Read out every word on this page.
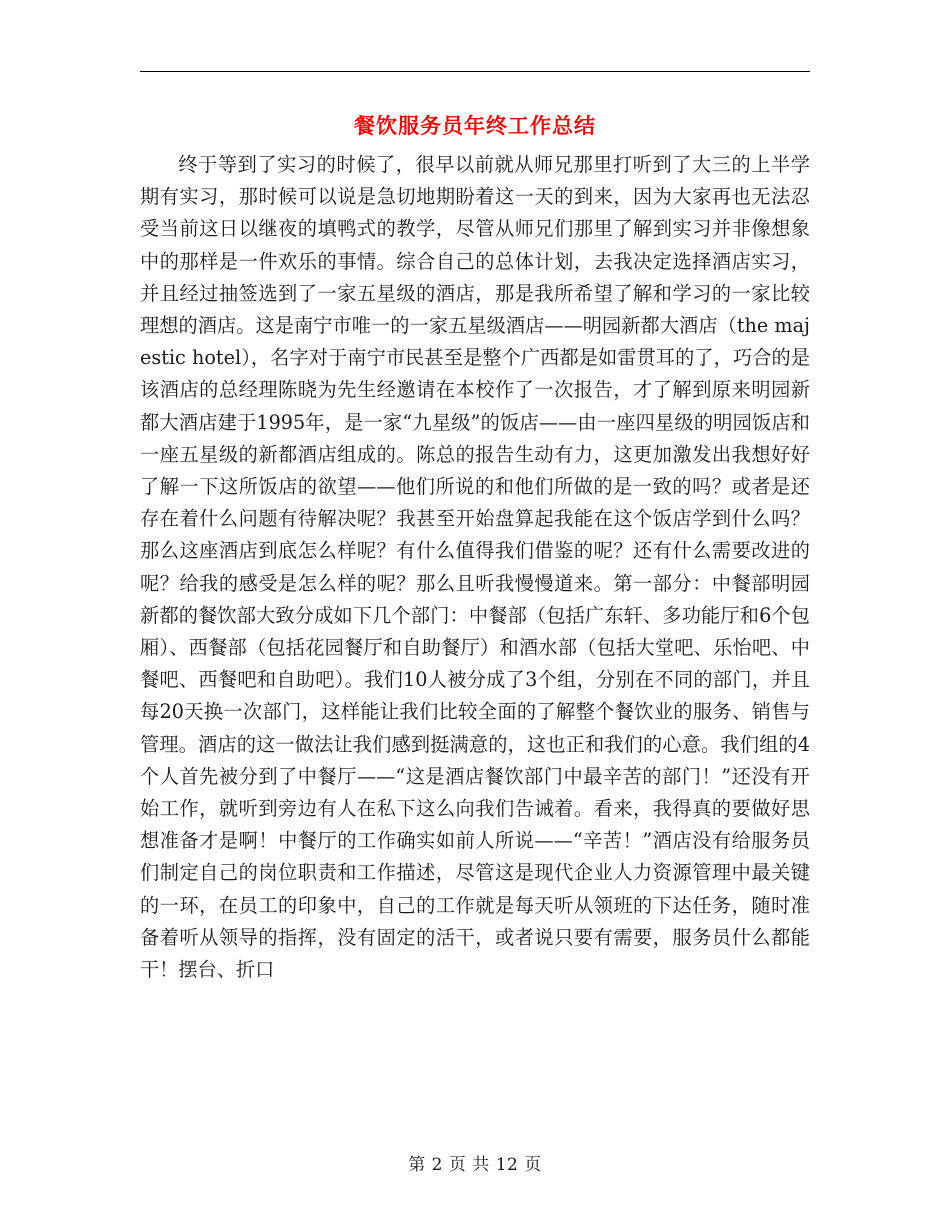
餐饮服务员年终工作总结

终于等到了实习的时候了，很早以前就从师兄那里打听到了大三的上半学期有实习，那时候可以说是急切地期盼着这一天的到来，因为大家再也无法忍受当前这日以继夜的填鸭式的教学，尽管从师兄们那里了解到实习并非像想象中的那样是一件欢乐的事情。综合自己的总体计划，去我决定选择酒店实习，并且经过抽签选到了一家五星级的酒店，那是我所希望了解和学习的一家比较理想的酒店。这是南宁市唯一的一家五星级酒店——明园新都大酒店（the majestic hotel），名字对于南宁市民甚至是整个广西都是如雷贯耳的了，巧合的是该酒店的总经理陈晓为先生经邀请在本校作了一次报告，才了解到原来明园新都大酒店建于1995年，是一家“九星级”的饭店——由一座四星级的明园饭店和一座五星级的新都酒店组成的。陈总的报告生动有力，这更加激发出我想好好了解一下这所饭店的欲望——他们所说的和他们所做的是一致的吗？或者是还存在着什么问题有待解决呢？我甚至开始盘算起我能在这个饭店学到什么吗？那么这座酒店到底怎么样呢？有什么值得我们借鉴的呢？还有什么需要改进的呢？给我的感受是怎么样的呢？那么且听我慢慢道来。第一部分：中餐部明园新都的餐饮部大致分成如下几个部门：中餐部（包括广东轩、多功能厅和6个包厢）、西餐部（包括花园餐厅和自助餐厅）和酒水部（包括大堂吧、乐怡吧、中餐吧、西餐吧和自助吧）。我们10人被分成了3个组，分别在不同的部门，并且每20天换一次部门，这样能让我们比较全面的了解整个餐饮业的服务、销售与管理。酒店的这一做法让我们感到挺满意的，这也正和我们的心意。我们组的4个人首先被分到了中餐厅——“这是酒店餐饮部门中最辛苦的部门！”还没有开始工作，就听到旁边有人在私下这么向我们告诫着。看来，我得真的要做好思想准备才是啊！中餐厅的工作确实如前人所说——“辛苦！”酒店没有给服务员们制定自己的岗位职责和工作描述，尽管这是现代企业人力资源管理中最关键的一环，在员工的印象中，自己的工作就是每天听从领班的下达任务，随时准备着听从领导的指挥，没有固定的活干，或者说只要有需要，服务员什么都能干！摆台、折口

第 2 页 共 12 页
